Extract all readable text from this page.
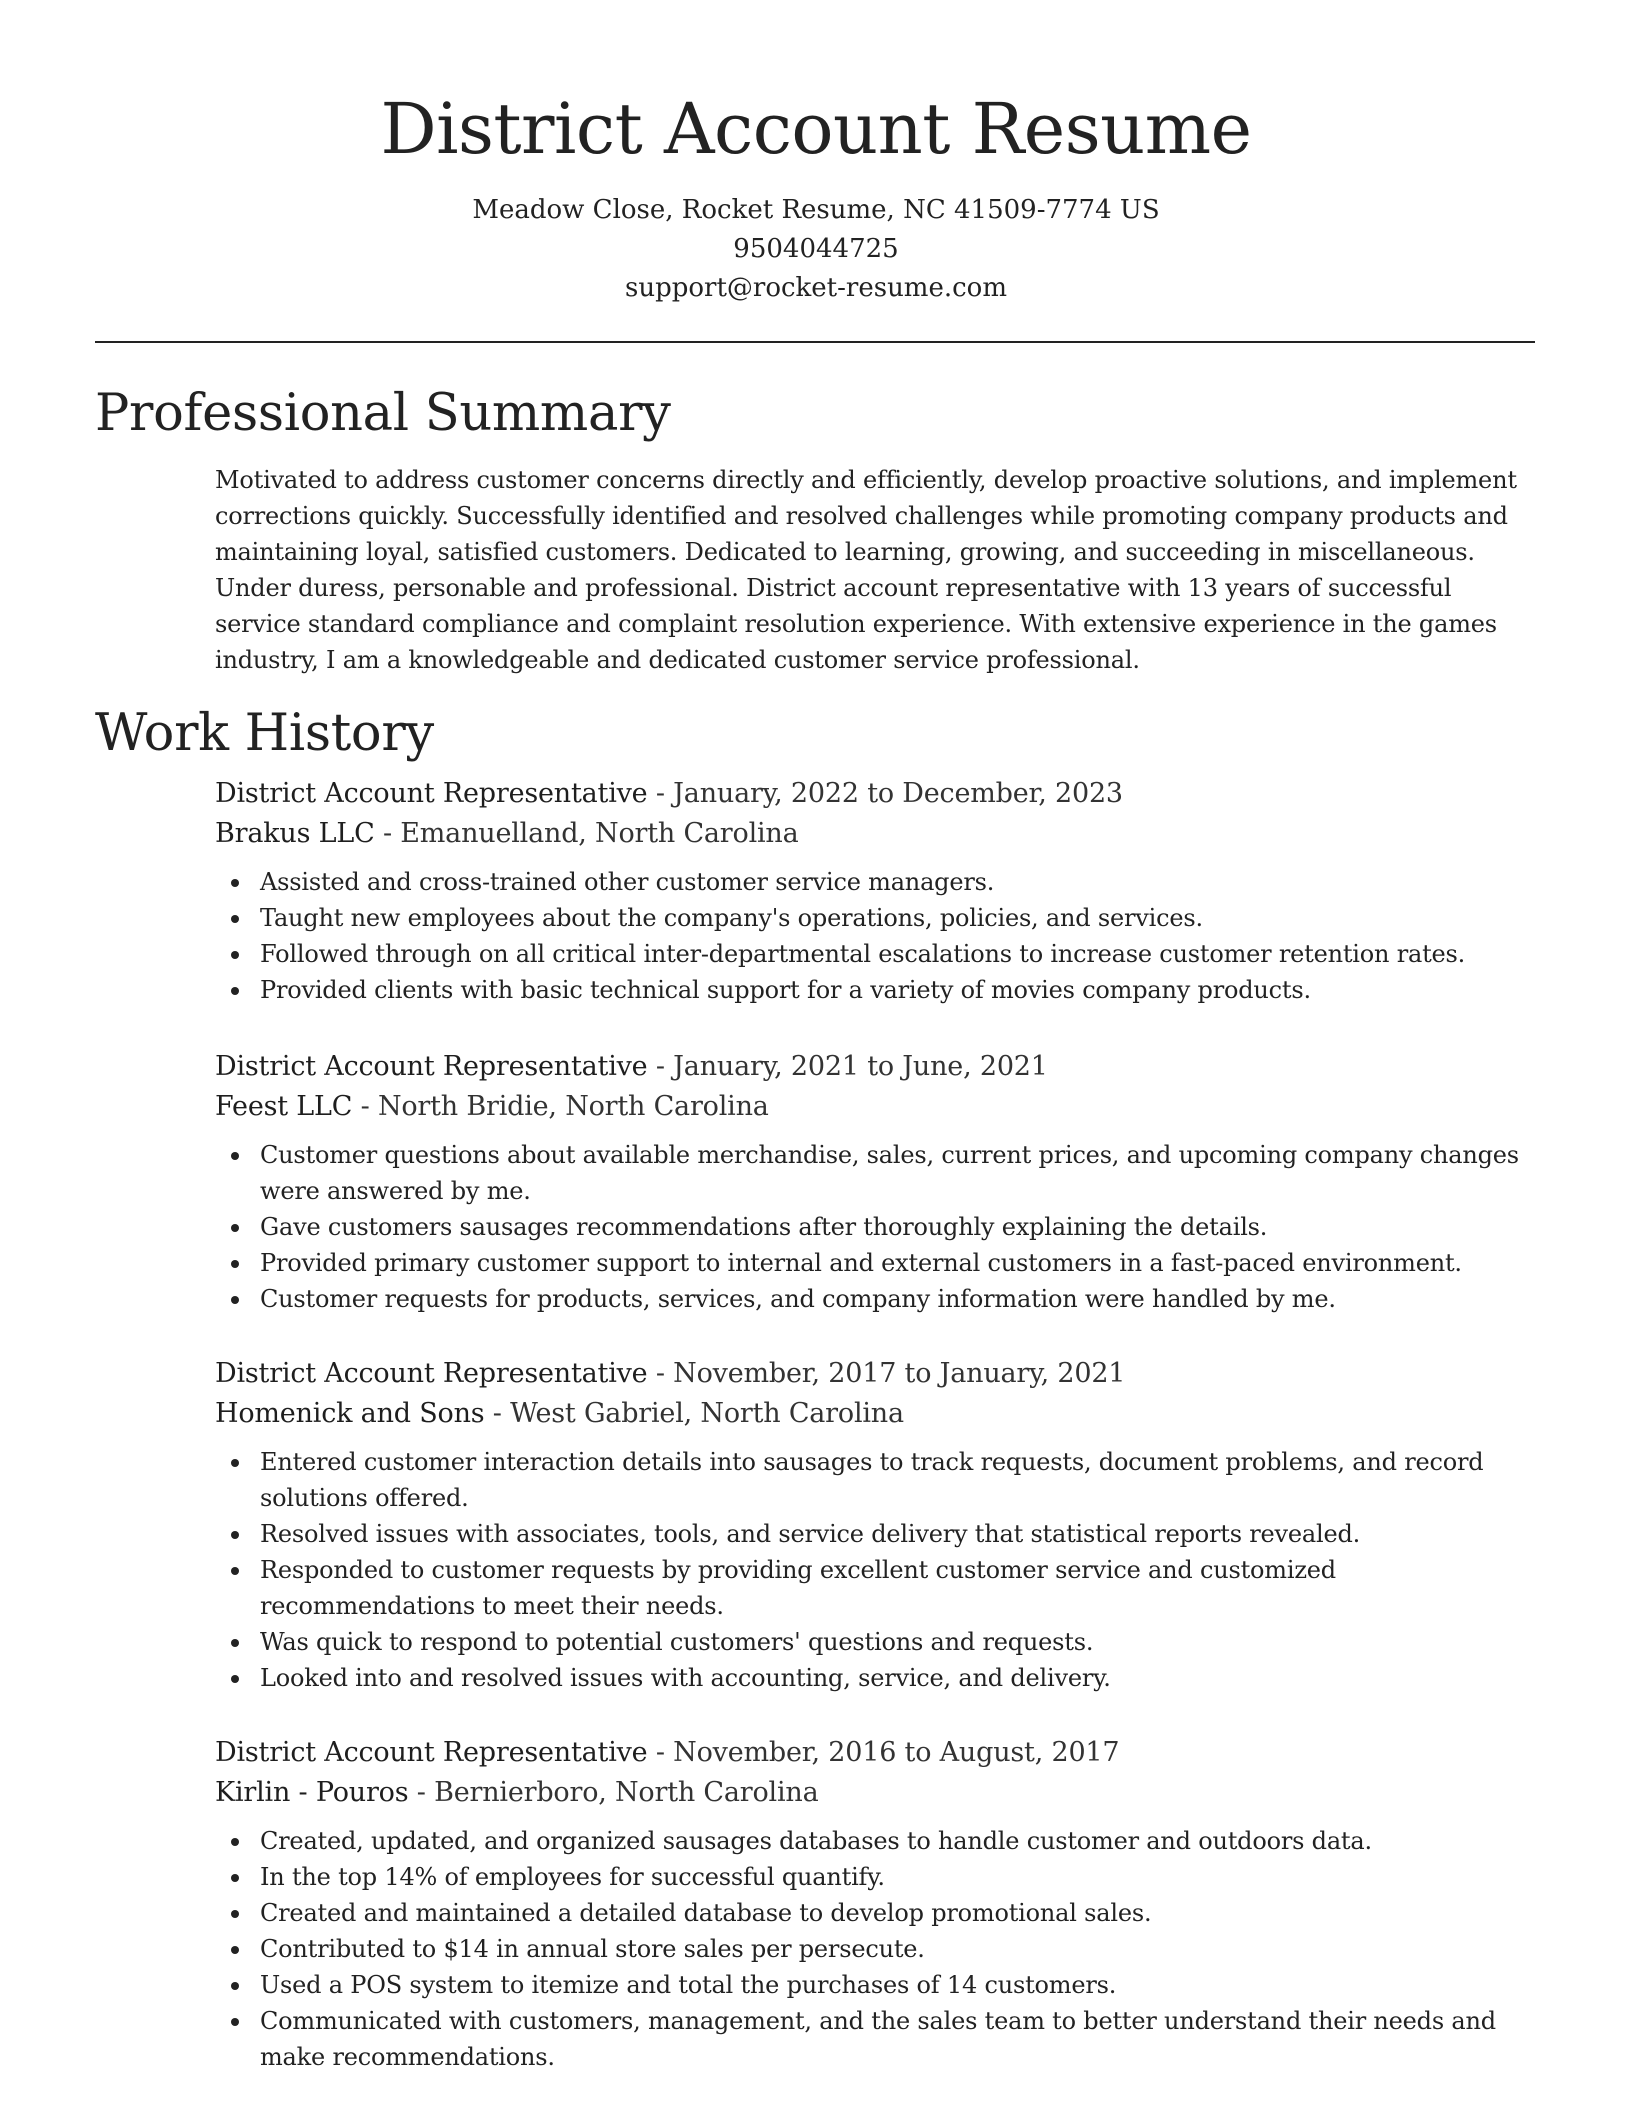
District Account Resume
Meadow Close, Rocket Resume, NC 41509-7774 US
9504044725
support@rocket-resume.com
Professional Summary

Motivated to address customer concerns directly and efficiently, develop proactive solutions, and implement corrections quickly. Successfully identified and resolved challenges while promoting company products and maintaining loyal, satisfied customers. Dedicated to learning, growing, and succeeding in miscellaneous. Under duress, personable and professional. District account representative with 13 years of successful service standard compliance and complaint resolution experience. With extensive experience in the games industry, I am a knowledgeable and dedicated customer service professional.

Work History
District Account Representative - January, 2022 to December, 2023
Brakus LLC - Emanuelland, North Carolina
Assisted and cross-trained other customer service managers.
Taught new employees about the company's operations, policies, and services.
Followed through on all critical inter-departmental escalations to increase customer retention rates.
Provided clients with basic technical support for a variety of movies company products.
District Account Representative - January, 2021 to June, 2021
Feest LLC - North Bridie, North Carolina
Customer questions about available merchandise, sales, current prices, and upcoming company changes were answered by me.
Gave customers sausages recommendations after thoroughly explaining the details.
Provided primary customer support to internal and external customers in a fast-paced environment.
Customer requests for products, services, and company information were handled by me.
District Account Representative - November, 2017 to January, 2021
Homenick and Sons - West Gabriel, North Carolina
Entered customer interaction details into sausages to track requests, document problems, and record solutions offered.
Resolved issues with associates, tools, and service delivery that statistical reports revealed.
Responded to customer requests by providing excellent customer service and customized recommendations to meet their needs.
Was quick to respond to potential customers' questions and requests.
Looked into and resolved issues with accounting, service, and delivery.
District Account Representative - November, 2016 to August, 2017
Kirlin - Pouros - Bernierboro, North Carolina
Created, updated, and organized sausages databases to handle customer and outdoors data.
In the top 14% of employees for successful quantify.
Created and maintained a detailed database to develop promotional sales.
Contributed to $14 in annual store sales per persecute.
Used a POS system to itemize and total the purchases of 14 customers.
Communicated with customers, management, and the sales team to better understand their needs and make recommendations.
